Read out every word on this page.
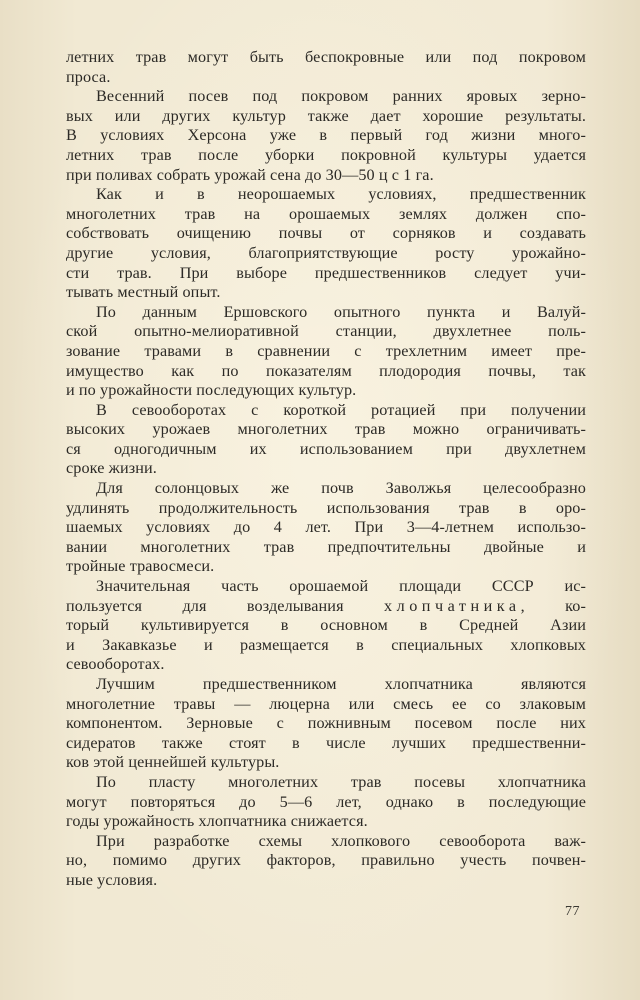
летних трав могут быть беспокровные или под покровом
проса.
Весенний посев под покровом ранних яровых зерно-
вых или других культур также дает хорошие результаты.
В условиях Херсона уже в первый год жизни много-
летних трав после уборки покровной культуры удается
при поливах собрать урожай сена до 30—50 ц с 1 га.
Как и в неорошаемых условиях, предшественник
многолетних трав на орошаемых землях должен спо-
собствовать очищению почвы от сорняков и создавать
другие условия, благоприятствующие росту урожайно-
сти трав. При выборе предшественников следует учи-
тывать местный опыт.
По данным Ершовского опытного пункта и Валуй-
ской опытно-мелиоративной станции, двухлетнее поль-
зование травами в сравнении с трехлетним имеет пре-
имущество как по показателям плодородия почвы, так
и по урожайности последующих культур.
В севооборотах с короткой ротацией при получении
высоких урожаев многолетних трав можно ограничивать-
ся одногодичным их использованием при двухлетнем
сроке жизни.
Для солонцовых же почв Заволжья целесообразно
удлинять продолжительность использования трав в оро-
шаемых условиях до 4 лет. При 3—4-летнем использо-
вании многолетних трав предпочтительны двойные и
тройные травосмеси.
Значительная часть орошаемой площади СССР ис-
пользуется для возделывания хлопчатника, ко-
торый культивируется в основном в Средней Азии
и Закавказье и размещается в специальных хлопковых
севооборотах.
Лучшим предшественником хлопчатника являются
многолетние травы — люцерна или смесь ее со злаковым
компонентом. Зерновые с пожнивным посевом после них
сидератов также стоят в числе лучших предшественни-
ков этой ценнейшей культуры.
По пласту многолетних трав посевы хлопчатника
могут повторяться до 5—6 лет, однако в последующие
годы урожайность хлопчатника снижается.
При разработке схемы хлопкового севооборота важ-
но, помимо других факторов, правильно учесть почвен-
ные условия.
77
